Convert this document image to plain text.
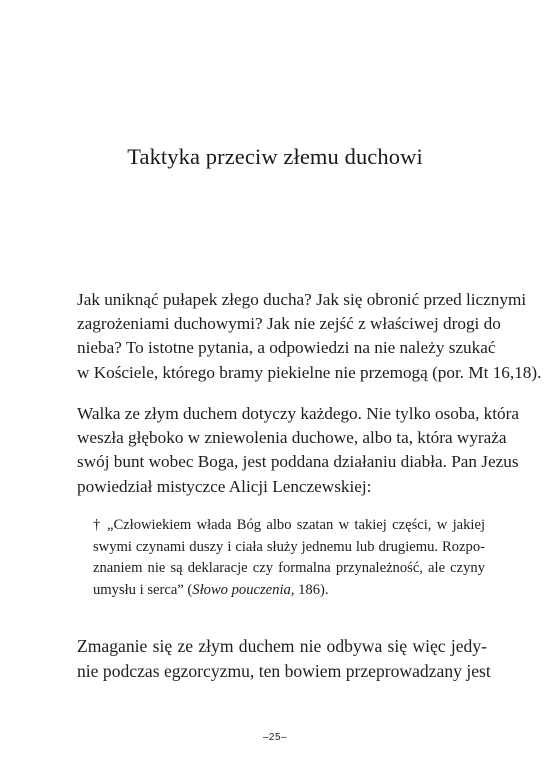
Taktyka przeciw złemu duchowi
Jak uniknąć pułapek złego ducha? Jak się obronić przed licznymi
zagrożeniami duchowymi? Jak nie zejść z właściwej drogi do
nieba? To istotne pytania, a odpowiedzi na nie należy szukać
w Kościele, którego bramy piekielne nie przemogą (por. Mt 16,18).
Walka ze złym duchem dotyczy każdego. Nie tylko osoba, która
weszła głęboko w zniewolenia duchowe, albo ta, która wyraża
swój bunt wobec Boga, jest poddana działaniu diabła. Pan Jezus
powiedział mistyczce Alicji Lenczewskiej:
† „Człowiekiem włada Bóg albo szatan w takiej części, w jakiej
swymi czynami duszy i ciała służy jednemu lub drugiemu. Rozpo-
znaniem nie są deklaracje czy formalna przynależność, ale czyny
umysłu i serca” (Słowo pouczenia, 186).
Zmaganie się ze złym duchem nie odbywa się więc jedy-
nie podczas egzorcyzmu, ten bowiem przeprowadzany jest
–25–
